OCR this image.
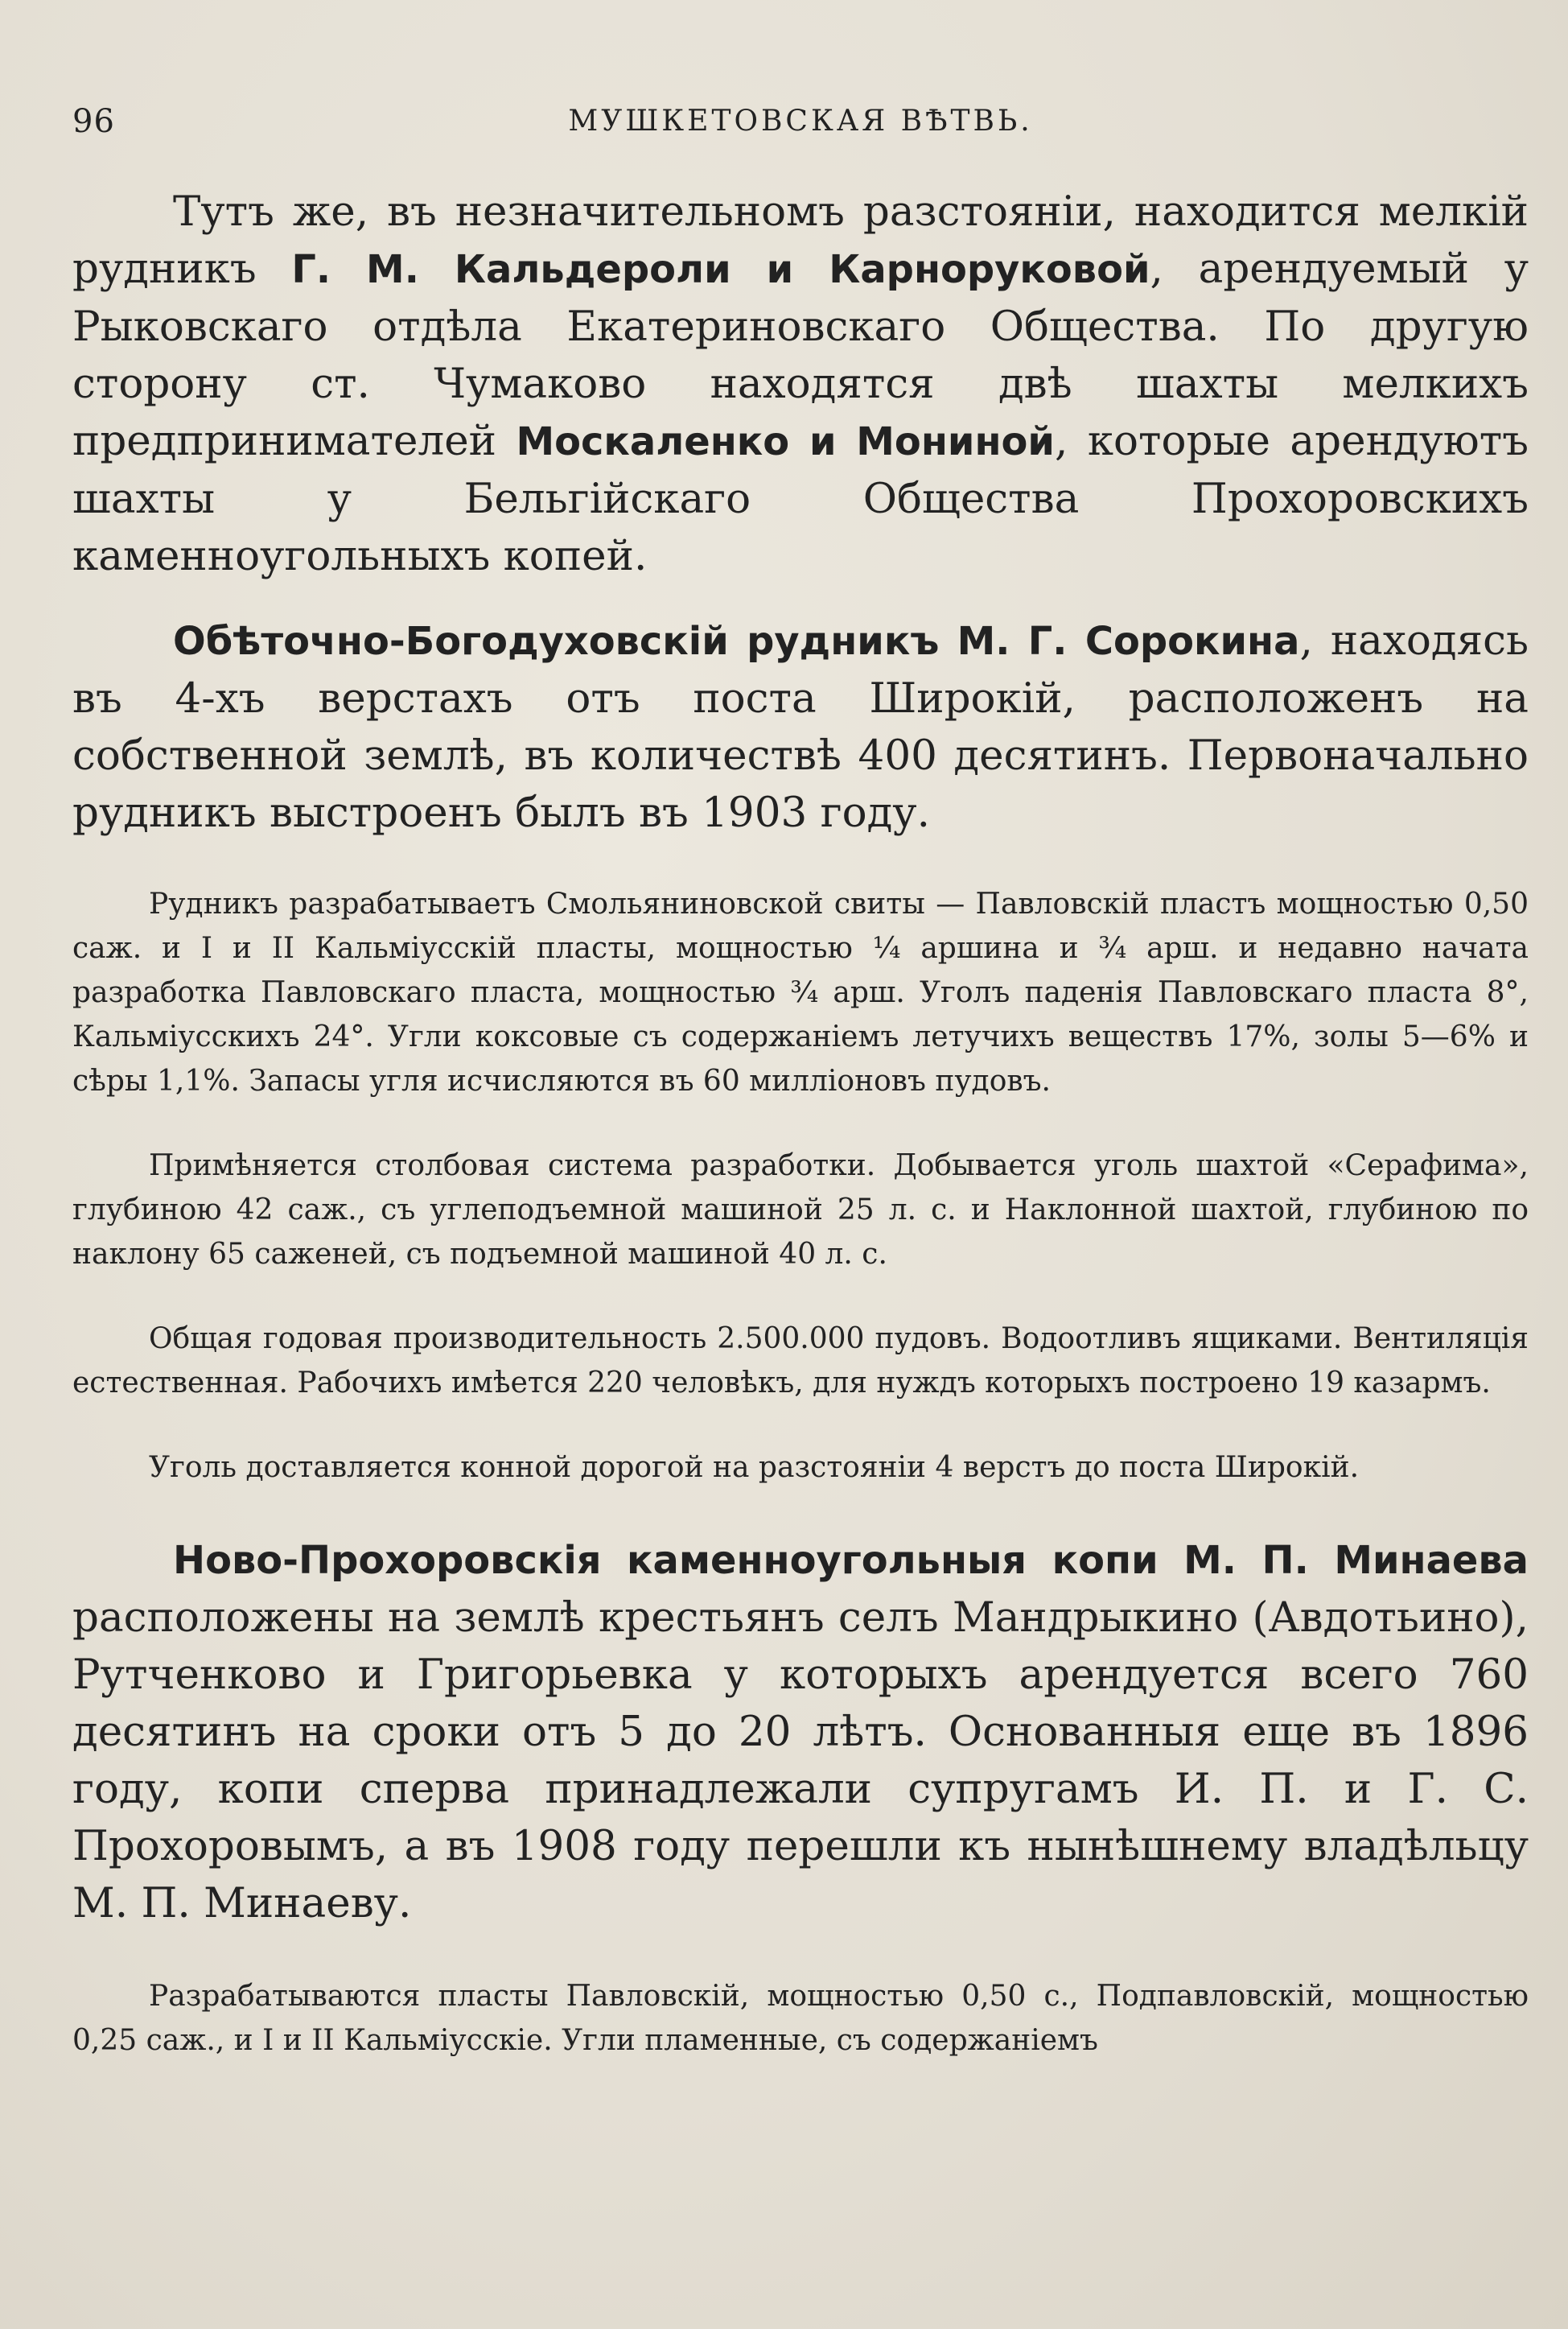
96	МУШКЕТОВСКАЯ ВѢТВЬ.

Тутъ же, въ незначительномъ разстояніи, находится мелкій рудникъ Г. М. Кальдероли и Карноруковой, арендуемый у Рыковскаго отдѣла Екатериновскаго Общества. По другую сторону ст. Чумаково находятся двѣ шахты мелкихъ предпринимателей Москаленко и Мониной, которые арендуютъ шахты у Бельгійскаго Общества Прохоровскихъ каменноугольныхъ копей.

Обѣточно-Богодуховскій рудникъ М. Г. Сорокина, находясь въ 4-хъ верстахъ отъ поста Широкій, расположенъ на собственной землѣ, въ количествѣ 400 десятинъ. Первоначально рудникъ выстроенъ былъ въ 1903 году.

Рудникъ разрабатываетъ Смольяниновской свиты — Павловскій пластъ мощностью 0,50 саж. и I и II Кальміусскій пласты, мощностью ¼ аршина и ¾ арш. и недавно начата разработка Павловскаго пласта, мощностью ¾ арш. Уголъ паденія Павловскаго пласта 8°, Кальміусскихъ 24°. Угли коксовые съ содержаніемъ летучихъ веществъ 17%, золы 5—6% и сѣры 1,1%. Запасы угля исчисляются въ 60 милліоновъ пудовъ.

Примѣняется столбовая система разработки. Добывается уголь шахтой «Серафима», глубиною 42 саж., съ углеподъемной машиной 25 л. с. и Наклонной шахтой, глубиною по наклону 65 саженей, съ подъемной машиной 40 л. с.

Общая годовая производительность 2.500.000 пудовъ. Водоотливъ ящиками. Вентиляція естественная. Рабочихъ имѣется 220 человѣкъ, для нуждъ которыхъ построено 19 казармъ.

Уголь доставляется конной дорогой на разстояніи 4 верстъ до поста Широкій.

Ново-Прохоровскія каменноугольныя копи М. П. Минаева расположены на землѣ крестьянъ селъ Мандрыкино (Авдотьино), Рутченково и Григорьевка у которыхъ арендуется всего 760 десятинъ на сроки отъ 5 до 20 лѣтъ. Основанныя еще въ 1896 году, копи сперва принадлежали супругамъ И. П. и Г. С. Прохоровымъ, а въ 1908 году перешли къ нынѣшнему владѣльцу М. П. Минаеву.

Разрабатываются пласты Павловскій, мощностью 0,50 с., Подпавловскій, мощностью 0,25 саж., и I и II Кальміусскіе. Угли пламенные, съ содержаніемъ
